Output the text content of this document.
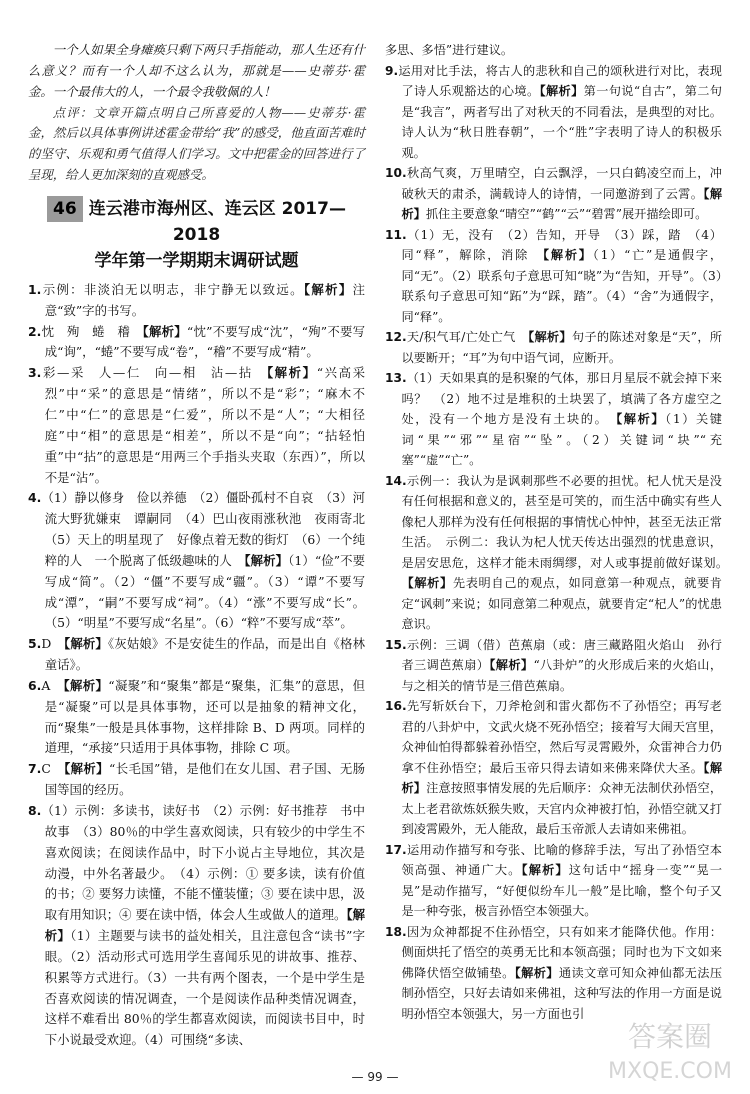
一个人如果全身瘫痪只剩下两只手指能动，那人生还有什么意义？而有一个人却不这么认为，那就是——史蒂芬·霍金。一个最伟大的人，一个最令我敬佩的人！

点评：文章开篇点明自己所喜爱的人物——史蒂芬·霍金，然后以具体事例讲述霍金带给“我”的感受，他直面苦难时的坚守、乐观和勇气值得人们学习。文中把霍金的回答进行了呈现，给人更加深刻的直观感受。

46 连云港市海州区、连云区 2017—2018
学年第一学期期末调研试题

1.示例：非淡泊无以明志，非宁静无以致远。【解析】注意“致”字的书写。

2.忱　殉　蜷　稽　【解析】“忱”不要写成“沈”，“殉”不要写成“询”，“蜷”不要写成“卷”，“稽”不要写成“精”。

3.彩—采　人—仁　向—相　沾—拈　【解析】“兴高采烈”中“采”的意思是“情绪”，所以不是“彩”；“麻木不仁”中“仁”的意思是“仁爱”，所以不是“人”；“大相径庭”中“相”的意思是“相差”，所以不是“向”；“拈轻怕重”中“拈”的意思是“用两三个手指头夹取（东西）”，所以不是“沾”。

4.（1）静以修身　俭以养德　（2）僵卧孤村不自哀　（3）河流大野犹嫌束　谭嗣同　（4）巴山夜雨涨秋池　夜雨寄北　（5）天上的明星现了　好像点着无数的街灯　（6）一个纯粹的人　一个脱离了低级趣味的人　【解析】（1）“俭”不要写成“简”。（2）“僵”不要写成“疆”。（3）“谭”不要写成“潭”，“嗣”不要写成“祠”。（4）“涨”不要写成“长”。（5）“明星”不要写成“名星”。（6）“粹”不要写成“萃”。

5.D　【解析】《灰姑娘》不是安徒生的作品，而是出自《格林童话》。

6.A　【解析】“凝聚”和“聚集”都是“聚集，汇集”的意思，但是“凝聚”可以是具体事物，还可以是抽象的精神文化，而“聚集”一般是具体事物，这样排除 B、D 两项。同样的道理，“承接”只适用于具体事物，排除 C 项。

7.C　【解析】“长毛国”错，是他们在女儿国、君子国、无肠国等国的经历。

8.（1）示例：多读书，读好书　（2）示例：好书推荐　书中故事　（3）80％的中学生喜欢阅读，只有较少的中学生不喜欢阅读；在阅读作品中，时下小说占主导地位，其次是动漫，中外名著最少。　（4）示例：① 要多读，读有价值的书；② 要努力读懂，不能不懂装懂；③ 要在读中思，汲取有用知识；④ 要在读中悟，体会人生或做人的道理。【解析】（1）主题要与读书的益处相关，且注意包含“读书”字眼。（2）活动形式可选用学生喜闻乐见的讲故事、推荐、积累等方式进行。（3）一共有两个图表，一个是中学生是否喜欢阅读的情况调查，一个是阅读作品种类情况调查，这样不难看出 80％的学生都喜欢阅读，而阅读书目中，时下小说最受欢迎。（4）可围绕“多读、

多思、多悟”进行建议。

9.运用对比手法，将古人的悲秋和自己的颂秋进行对比，表现了诗人乐观豁达的心境。【解析】第一句说“自古”，第二句是“我言”，两者写出了对秋天的不同看法，是典型的对比。诗人认为“秋日胜春朝”，一个“胜”字表明了诗人的积极乐观。

10.秋高气爽，万里晴空，白云飘浮，一只白鹤凌空而上，冲破秋天的肃杀，满载诗人的诗情，一同邀游到了云霄。【解析】抓住主要意象“晴空”“鹤”“云”“碧霄”展开描绘即可。

11.（1）无，没有　（2）告知，开导　（3）踩，踏　（4）同“释”，解除，消除　【解析】（1）“亡”是通假字，同“无”。（2）联系句子意思可知“晓”为“告知，开导”。（3）联系句子意思可知“跖”为“踩，踏”。（4）“舍”为通假字，同“释”。

12.天/积气耳/亡处亡气　【解析】句子的陈述对象是“天”，所以要断开；“耳”为句中语气词，应断开。

13.（1）天如果真的是积聚的气体，那日月星辰不就会掉下来吗？　（2）地不过是堆积的土块罢了，填满了各方虚空之处，没有一个地方是没有土块的。　【解析】（1）关键词“果”“邪”“星宿”“坠”。（2）关键词“块”“充塞”“虚”“亡”。

14.示例一：我认为是讽刺那些不必要的担忧。杞人忧天是没有任何根据和意义的，甚至是可笑的，而生活中确实有些人像杞人那样为没有任何根据的事情忧心忡忡，甚至无法正常生活。　示例二：我认为杞人忧天传达出强烈的忧患意识，是居安思危，这样才能未雨绸缪，对人或事提前做好谋划。　【解析】先表明自己的观点，如同意第一种观点，就要肯定“讽刺”来说；如同意第二种观点，就要肯定“杞人”的忧患意识。

15.示例：三调（借）芭蕉扇（或：唐三藏路阻火焰山　孙行者三调芭蕉扇）【解析】“八卦炉”的火形成后来的火焰山，与之相关的情节是三借芭蕉扇。

16.先写斩妖台下，刀斧枪剑和雷火都伤不了孙悟空；再写老君的八卦炉中，文武火烧不死孙悟空；接着写大闹天宫里，众神仙怕得都躲着孙悟空，然后写灵霄殿外，众雷神合力仍拿不住孙悟空；最后玉帝只得去请如来佛来降伏大圣。【解析】注意按照事情发展的先后顺序：众神无法制伏孙悟空，太上老君欲炼妖猴失败，天宫内众神被打怕，孙悟空就又打到凌霄殿外，无人能敌，最后玉帝派人去请如来佛祖。

17.运用动作描写和夸张、比喻的修辞手法，写出了孙悟空本领高强、神通广大。【解析】这句话中“摇身一变”“晃一晃”是动作描写，“好便似纷车儿一般”是比喻，整个句子又是一种夸张，极言孙悟空本领强大。

18.因为众神都捉不住孙悟空，只有如来才能降伏他。作用：侧面烘托了悟空的英勇无比和本领高强；同时也为下文如来佛降伏悟空做铺垫。【解析】通读文章可知众神仙都无法压制孙悟空，只好去请如来佛祖，这种写法的作用一方面是说明孙悟空本领强大，另一方面也引

— 99 —
答案圈
MXQE.COM
